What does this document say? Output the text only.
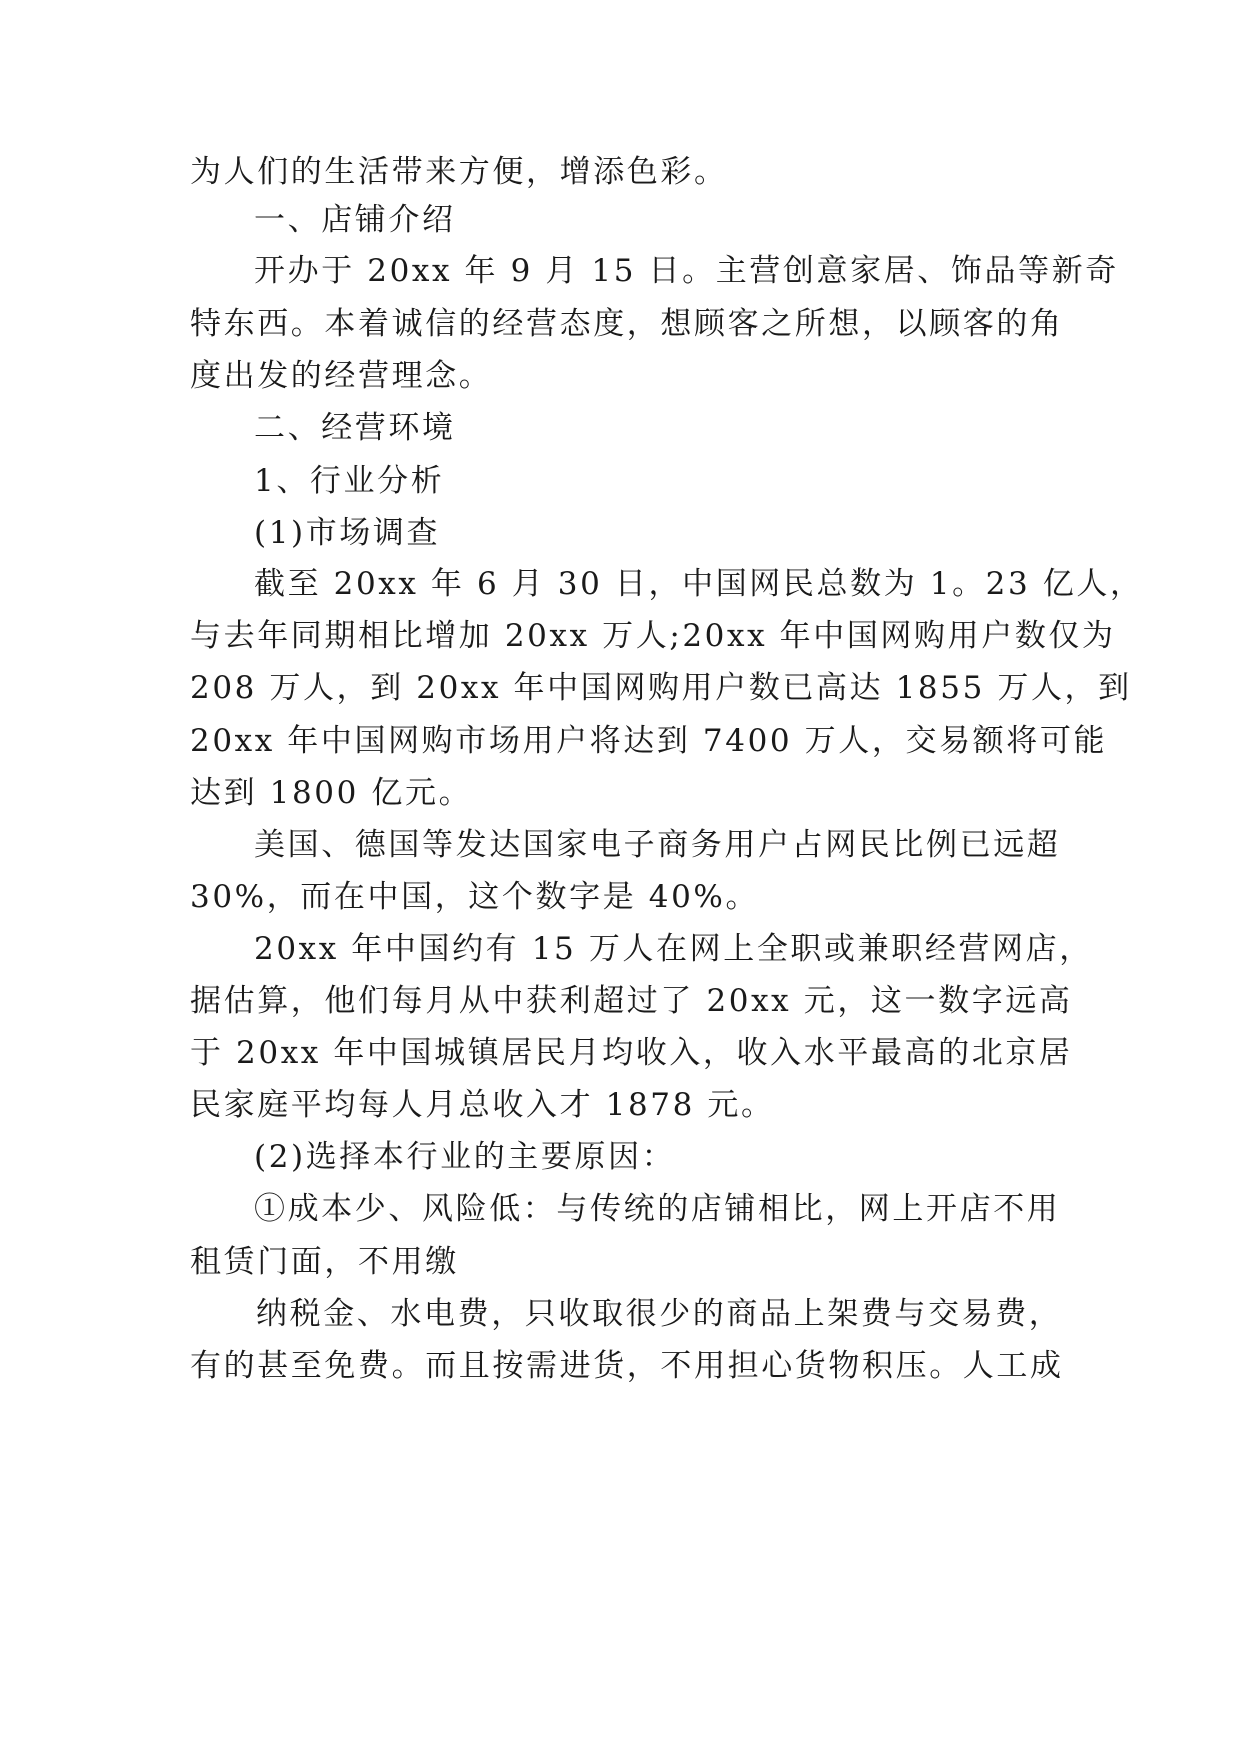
为人们的生活带来方便，增添色彩。
一、店铺介绍
开办于 20xx 年 9 月 15 日。主营创意家居、饰品等新奇
特东西。本着诚信的经营态度，想顾客之所想，以顾客的角
度出发的经营理念。
二、经营环境
1、行业分析
(1)市场调查
截至 20xx 年 6 月 30 日，中国网民总数为 1。23 亿人，
与去年同期相比增加 20xx 万人;20xx 年中国网购用户数仅为
208 万人，到 20xx 年中国网购用户数已高达 1855 万人，到
20xx 年中国网购市场用户将达到 7400 万人，交易额将可能
达到 1800 亿元。
美国、德国等发达国家电子商务用户占网民比例已远超
30%，而在中国，这个数字是 40%。
20xx 年中国约有 15 万人在网上全职或兼职经营网店，
据估算，他们每月从中获利超过了 20xx 元，这一数字远高
于 20xx 年中国城镇居民月均收入，收入水平最高的北京居
民家庭平均每人月总收入才 1878 元。
(2)选择本行业的主要原因：
①成本少、风险低：与传统的店铺相比，网上开店不用
租赁门面，不用缴
纳税金、水电费，只收取很少的商品上架费与交易费，
有的甚至免费。而且按需进货，不用担心货物积压。人工成
